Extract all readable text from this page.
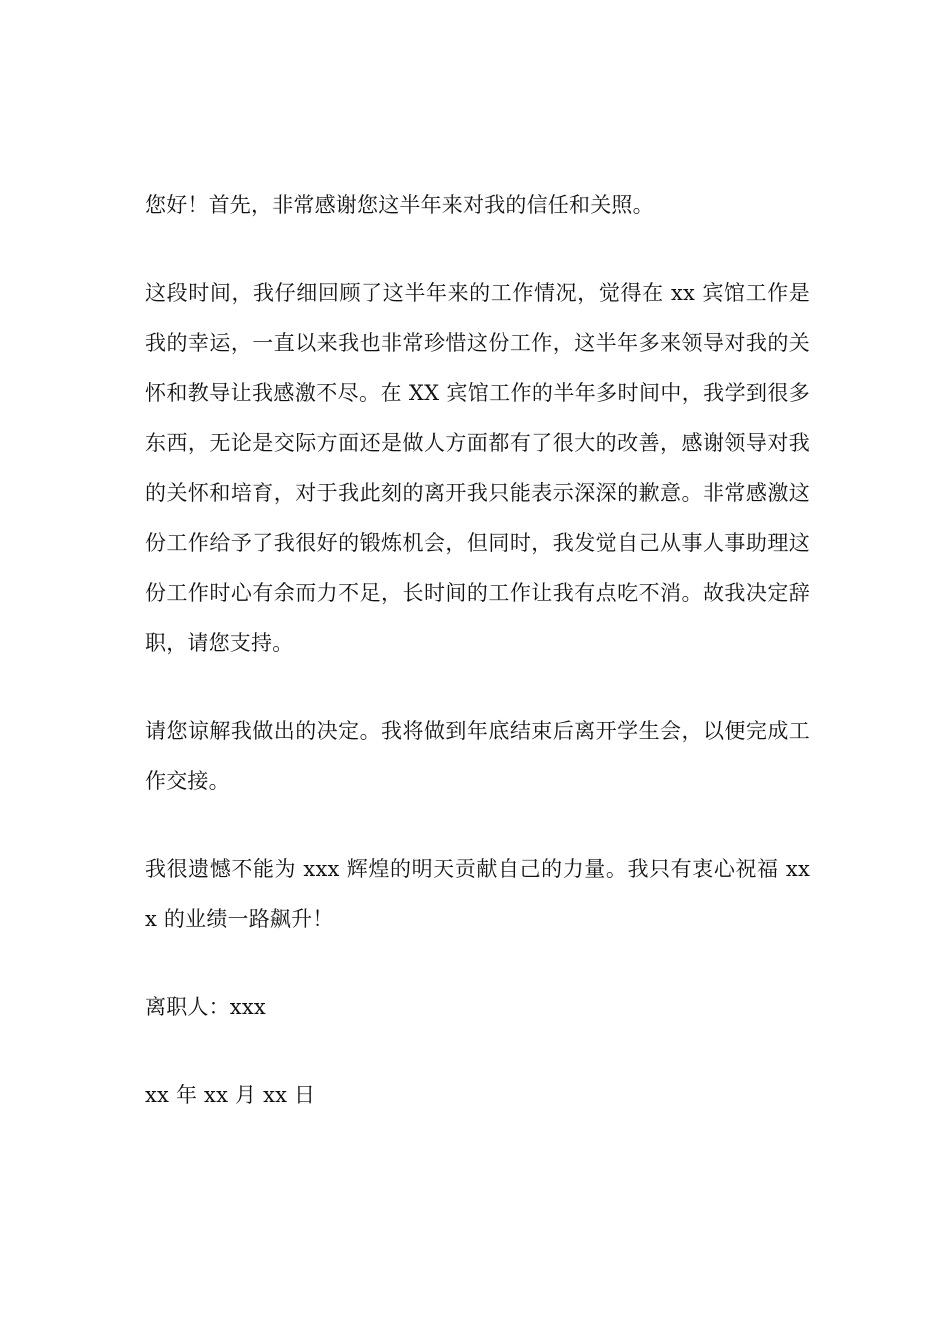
您好！首先，非常感谢您这半年来对我的信任和关照。

这段时间，我仔细回顾了这半年来的工作情况，觉得在 xx 宾馆工作是我的幸运，一直以来我也非常珍惜这份工作，这半年多来领导对我的关怀和教导让我感激不尽。在 XX 宾馆工作的半年多时间中，我学到很多东西，无论是交际方面还是做人方面都有了很大的改善，感谢领导对我的关怀和培育，对于我此刻的离开我只能表示深深的歉意。非常感激这份工作给予了我很好的锻炼机会，但同时，我发觉自己从事人事助理这份工作时心有余而力不足，长时间的工作让我有点吃不消。故我决定辞职，请您支持。

请您谅解我做出的决定。我将做到年底结束后离开学生会，以便完成工作交接。

我很遗憾不能为 xxx 辉煌的明天贡献自己的力量。我只有衷心祝福 xxx 的业绩一路飙升！

离职人：xxx

xx 年 xx 月 xx 日
